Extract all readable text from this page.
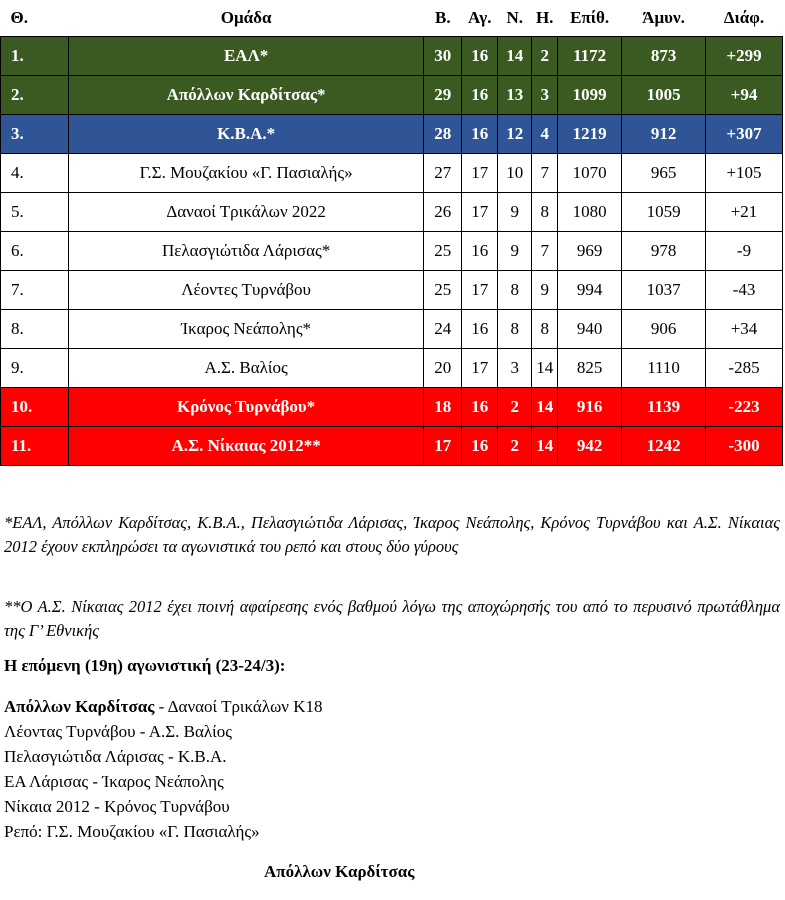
Θ.	Ομάδα	Β.	Αγ.	Ν.	Η.	Επίθ.	Άμυν.	Διάφ.
1.	ΕΑΛ*	30	16	14	2	1172	873	+299
2.	Απόλλων Καρδίτσας*	29	16	13	3	1099	1005	+94
3.	Κ.Β.Α.*	28	16	12	4	1219	912	+307
4.	Γ.Σ. Μουζακίου «Γ. Πασιαλής»	27	17	10	7	1070	965	+105
5.	Δαναοί Τρικάλων 2022	26	17	9	8	1080	1059	+21
6.	Πελασγιώτιδα Λάρισας*	25	16	9	7	969	978	-9
7.	Λέοντες Τυρνάβου	25	17	8	9	994	1037	-43
8.	Ίκαρος Νεάπολης*	24	16	8	8	940	906	+34
9.	Α.Σ. Βαλίος	20	17	3	14	825	1110	-285
10.	Κρόνος Τυρνάβου*	18	16	2	14	916	1139	-223
11.	Α.Σ. Νίκαιας 2012**	17	16	2	14	942	1242	-300

*ΕΑΛ, Απόλλων Καρδίτσας, Κ.Β.Α., Πελασγιώτιδα Λάρισας, Ίκαρος Νεάπολης, Κρόνος Τυρνάβου και Α.Σ. Νίκαιας 2012 έχουν εκπληρώσει τα αγωνιστικά του ρεπό και στους δύο γύρους

**Ο Α.Σ. Νίκαιας 2012 έχει ποινή αφαίρεσης ενός βαθμού λόγω της αποχώρησής του από το περυσινό πρωτάθλημα της Γ’ Εθνικής

Η επόμενη (19η) αγωνιστική (23-24/3):

Απόλλων Καρδίτσας - Δαναοί Τρικάλων Κ18
Λέοντας Τυρνάβου - Α.Σ. Βαλίος
Πελασγιώτιδα Λάρισας - Κ.Β.Α.
ΕΑ Λάρισας - Ίκαρος Νεάπολης
Νίκαια 2012 - Κρόνος Τυρνάβου
Ρεπό: Γ.Σ. Μουζακίου «Γ. Πασιαλής»

Απόλλων Καρδίτσας
